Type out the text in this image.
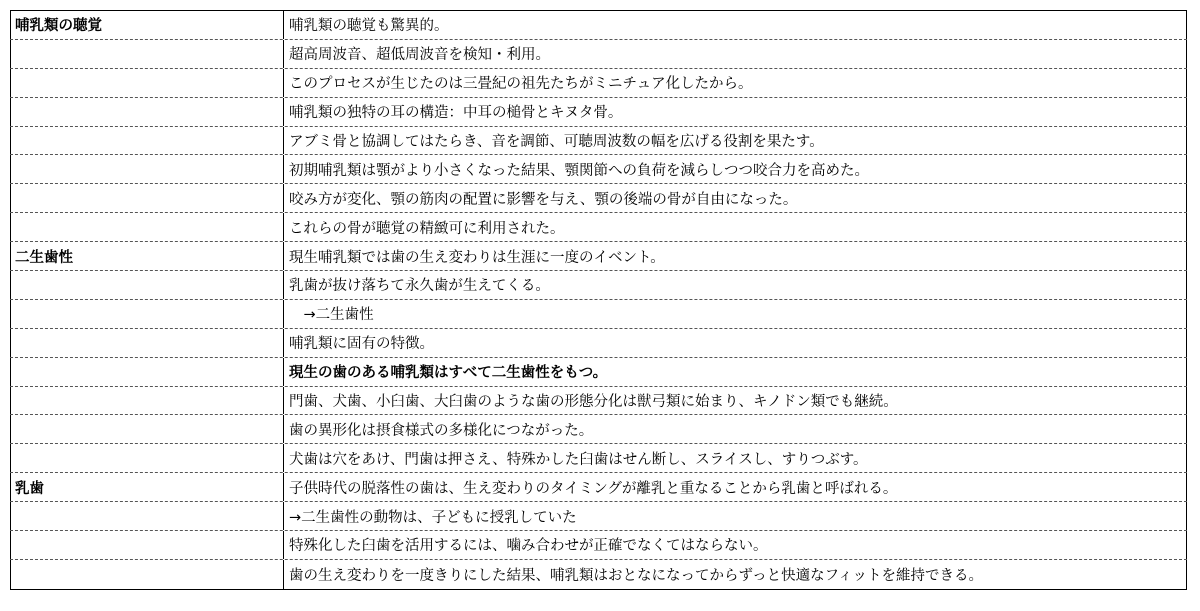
哺乳類の聴覚	哺乳類の聴覚も驚異的。
超高周波音、超低周波音を検知・利用。
このプロセスが生じたのは三畳紀の祖先たちがミニチュア化したから。
哺乳類の独特の耳の構造：中耳の槌骨とキヌタ骨。
アブミ骨と協調してはたらき、音を調節、可聴周波数の幅を広げる役割を果たす。
初期哺乳類は顎がより小さくなった結果、顎関節への負荷を減らしつつ咬合力を高めた。
咬み方が変化、顎の筋肉の配置に影響を与え、顎の後端の骨が自由になった。
これらの骨が聴覚の精緻可に利用された。
二生歯性	現生哺乳類では歯の生え変わりは生涯に一度のイベント。
乳歯が抜け落ちて永久歯が生えてくる。
　→二生歯性
哺乳類に固有の特徴。
現生の歯のある哺乳類はすべて二生歯性をもつ。
門歯、犬歯、小臼歯、大臼歯のような歯の形態分化は獣弓類に始まり、キノドン類でも継続。
歯の異形化は摂食様式の多様化につながった。
犬歯は穴をあけ、門歯は押さえ、特殊かした臼歯はせん断し、スライスし、すりつぶす。
乳歯	子供時代の脱落性の歯は、生え変わりのタイミングが離乳と重なることから乳歯と呼ばれる。
→二生歯性の動物は、子どもに授乳していた
特殊化した臼歯を活用するには、噛み合わせが正確でなくてはならない。
歯の生え変わりを一度きりにした結果、哺乳類はおとなになってからずっと快適なフィットを維持できる。
